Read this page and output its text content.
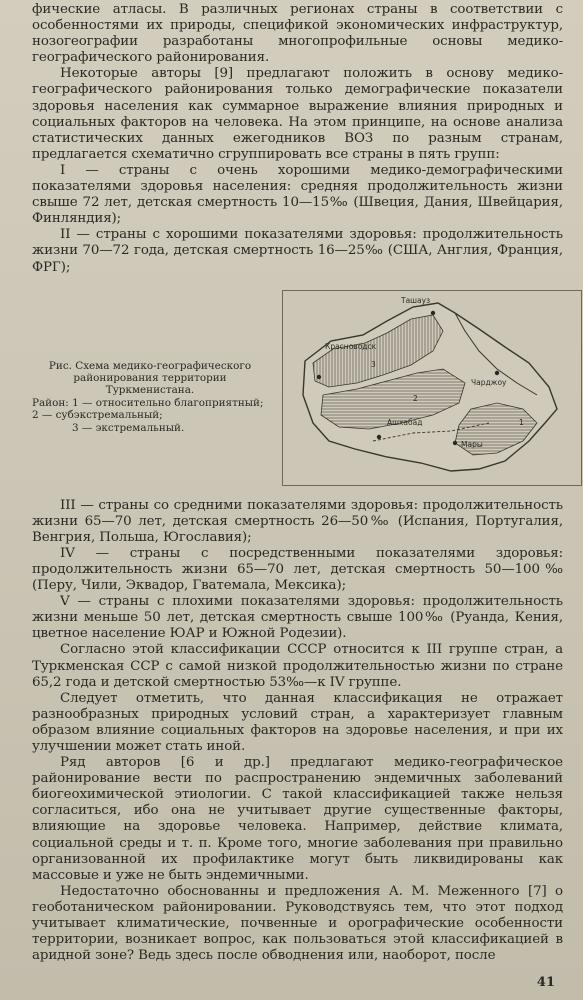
фические атласы. В различных регионах страны в соответствии с особенностями их природы, спецификой экономических инфраструктур, нозогеографии разработаны многопрофильные основы медико-географического районирования.

Некоторые авторы [9] предлагают положить в основу медико-географического районирования только демографические показатели здоровья населения как суммарное выражение влияния природных и социальных факторов на человека. На этом принципе, на основе анализа статистических данных ежегодников ВОЗ по разным странам, предлагается схематично сгруппировать все страны в пять групп:

I — страны с очень хорошими медико-демографическими показателями здоровья населения: средняя продолжительность жизни свыше 72 лет, детская смертность 10—15‰ (Швеция, Дания, Швейцария, Финляндия);

II — страны с хорошими показателями здоровья: продолжительность жизни 70—72 года, детская смертность 16—25‰ (США, Англия, Франция, ФРГ);

Рис. Схема медико-географического районирования территории Туркменистана.
Район: 1 — относительно благоприятный; 2 — субэкстремальный;
3 — экстремальный.
Ташауз
Красноводск
Ашхабад
Чарджоу
Мары
3
2
1

III — страны со средними показателями здоровья: продолжительность жизни 65—70 лет, детская смертность 26—50‰ (Испания, Португалия, Венгрия, Польша, Югославия);

IV — страны с посредственными показателями здоровья: продолжительность жизни 65—70 лет, детская смертность 50—100‰ (Перу, Чили, Эквадор, Гватемала, Мексика);

V — страны с плохими показателями здоровья: продолжительность жизни меньше 50 лет, детская смертность свыше 100‰ (Руанда, Кения, цветное население ЮАР и Южной Родезии).

Согласно этой классификации СССР относится к III группе стран, а Туркменская ССР с самой низкой продолжительностью жизни по стране 65,2 года и детской смертностью 53‰—к IV группе.

Следует отметить, что данная классификация не отражает разнообразных природных условий стран, а характеризует главным образом влияние социальных факторов на здоровье населения, и при их улучшении может стать иной.

Ряд авторов [6 и др.] предлагают медико-географическое районирование вести по распространению эндемичных заболеваний биогеохимической этиологии. С такой классификацией также нельзя согласиться, ибо она не учитывает другие существенные факторы, влияющие на здоровье человека. Например, действие климата, социальной среды и т. п. Кроме того, многие заболевания при правильно организованной их профилактике могут быть ликвидированы как массовые и уже не быть эндемичными.

Недостаточно обоснованны и предложения А. М. Меженного [7] о геоботаническом районировании. Руководствуясь тем, что этот подход учитывает климатические, почвенные и орографические особенности территории, возникает вопрос, как пользоваться этой классификацией в аридной зоне? Ведь здесь после обводнения или, наоборот, после

41
